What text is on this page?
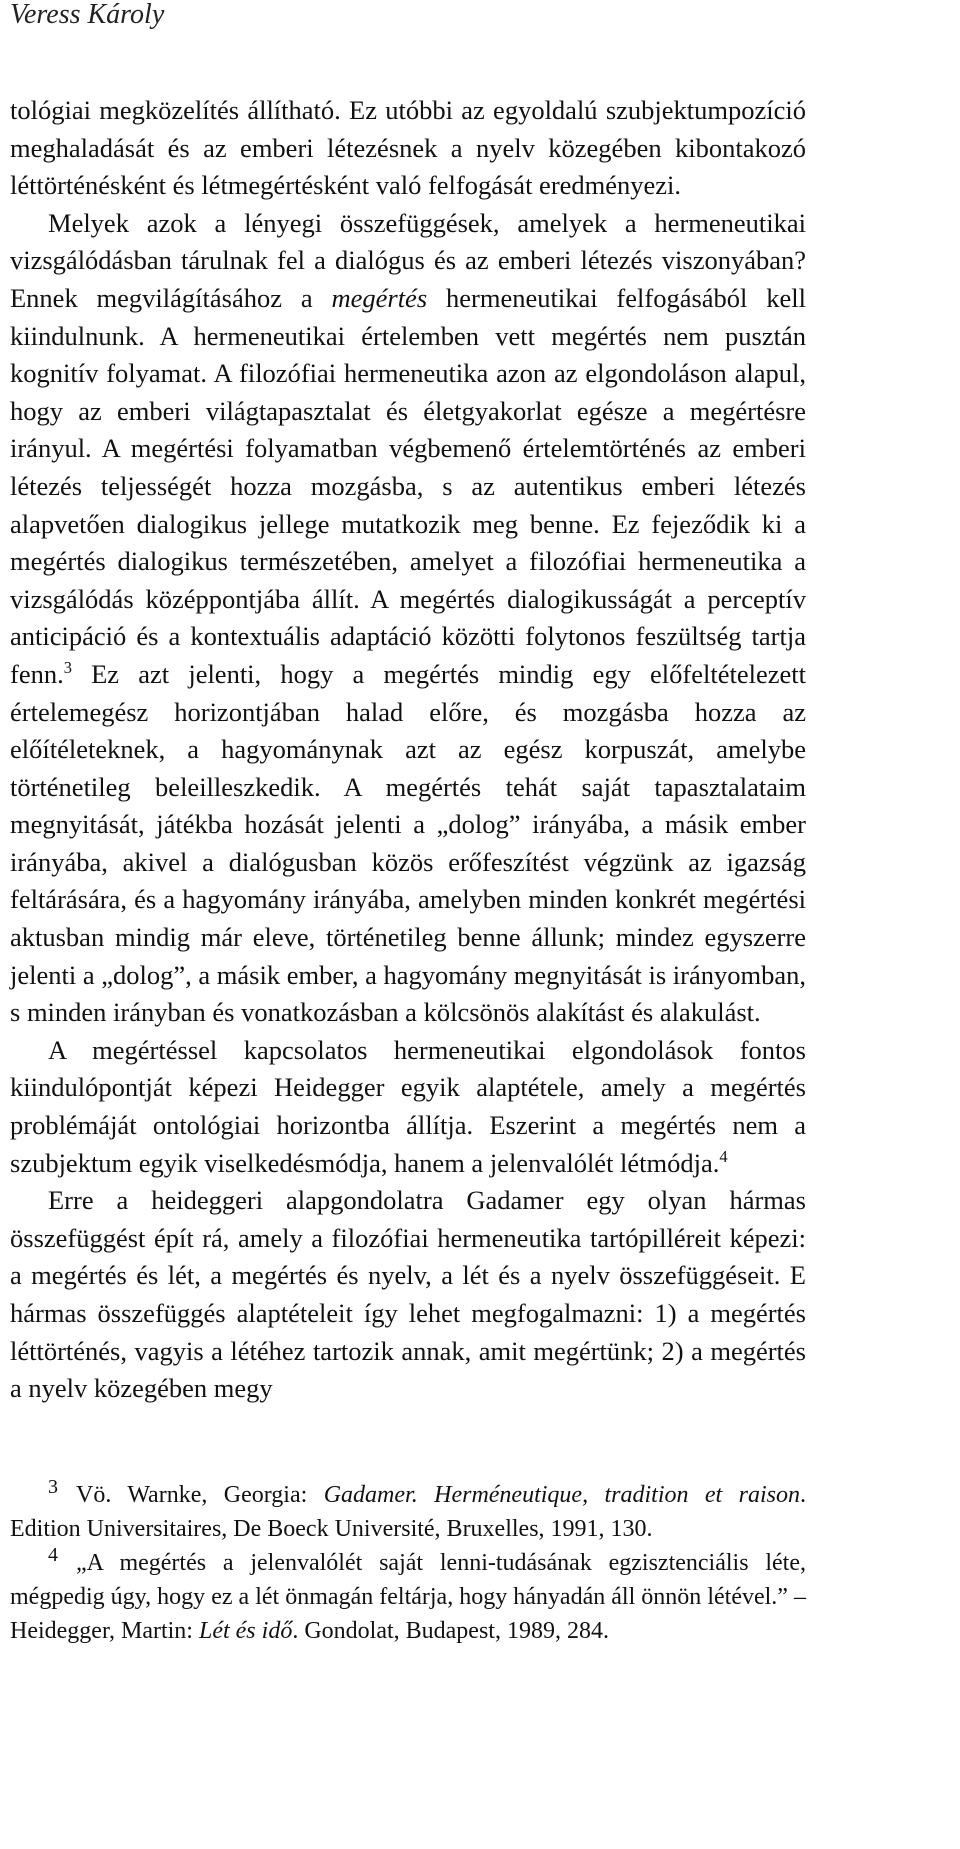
Veress Károly

tológiai megközelítés állítható. Ez utóbbi az egyoldalú szubjektumpozíció meghaladását és az emberi létezésnek a nyelv közegében kibontakozó léttörténésként és létmegértésként való felfogását eredményezi.

Melyek azok a lényegi összefüggések, amelyek a hermeneutikai vizsgálódásban tárulnak fel a dialógus és az emberi létezés viszonyában? Ennek megvilágításához a megértés hermeneutikai felfogásából kell kiindulnunk. A hermeneutikai értelemben vett megértés nem pusztán kognitív folyamat. A filozófiai hermeneutika azon az elgondoláson alapul, hogy az emberi világtapasztalat és életgyakorlat egésze a megértésre irányul. A megértési folyamatban végbemenő értelemtörténés az emberi létezés teljességét hozza mozgásba, s az autentikus emberi létezés alapvetően dialogikus jellege mutatkozik meg benne. Ez fejeződik ki a megértés dialogikus természetében, amelyet a filozófiai hermeneutika a vizsgálódás középpontjába állít. A megértés dialogikusságát a perceptív anticipáció és a kontextuális adaptáció közötti folytonos feszültség tartja fenn.$^3$ Ez azt jelenti, hogy a megértés mindig egy előfeltételezett értelemegész horizontjában halad előre, és mozgásba hozza az előítéleteknek, a hagyománynak azt az egész korpuszát, amelybe történetileg beleilleszkedik. A megértés tehát saját tapasztalataim megnyitását, játékba hozását jelenti a „dolog” irányába, a másik ember irányába, akivel a dialógusban közös erőfeszítést végzünk az igazság feltárására, és a hagyomány irányába, amelyben minden konkrét megértési aktusban mindig már eleve, történetileg benne állunk; mindez egyszerre jelenti a „dolog”, a másik ember, a hagyomány megnyitását is irányomban, s minden irányban és vonatkozásban a kölcsönös alakítást és alakulást.

A megértéssel kapcsolatos hermeneutikai elgondolások fontos kiindulópontját képezi Heidegger egyik alaptétele, amely a megértés problémáját ontológiai horizontba állítja. Eszerint a megértés nem a szubjektum egyik viselkedésmódja, hanem a jelenvalólét létmódja.$^4$

Erre a heideggeri alapgondolatra Gadamer egy olyan hármas összefüggést épít rá, amely a filozófiai hermeneutika tartópilléreit képezi: a megértés és lét, a megértés és nyelv, a lét és a nyelv összefüggéseit. E hármas összefüggés alaptételeit így lehet megfogalmazni: 1) a megértés léttörténés, vagyis a létéhez tartozik annak, amit megértünk; 2) a megértés a nyelv közegében megy

3 Vö. Warnke, Georgia: Gadamer. Herméneutique, tradition et raison. Edition Universitaires, De Boeck Université, Bruxelles, 1991, 130.

4 „A megértés a jelenvalólét saját lenni-tudásának egzisztenciális léte, mégpedig úgy, hogy ez a lét önmagán feltárja, hogy hányadán áll önnön létével.” – Heidegger, Martin: Lét és idő. Gondolat, Budapest, 1989, 284.
